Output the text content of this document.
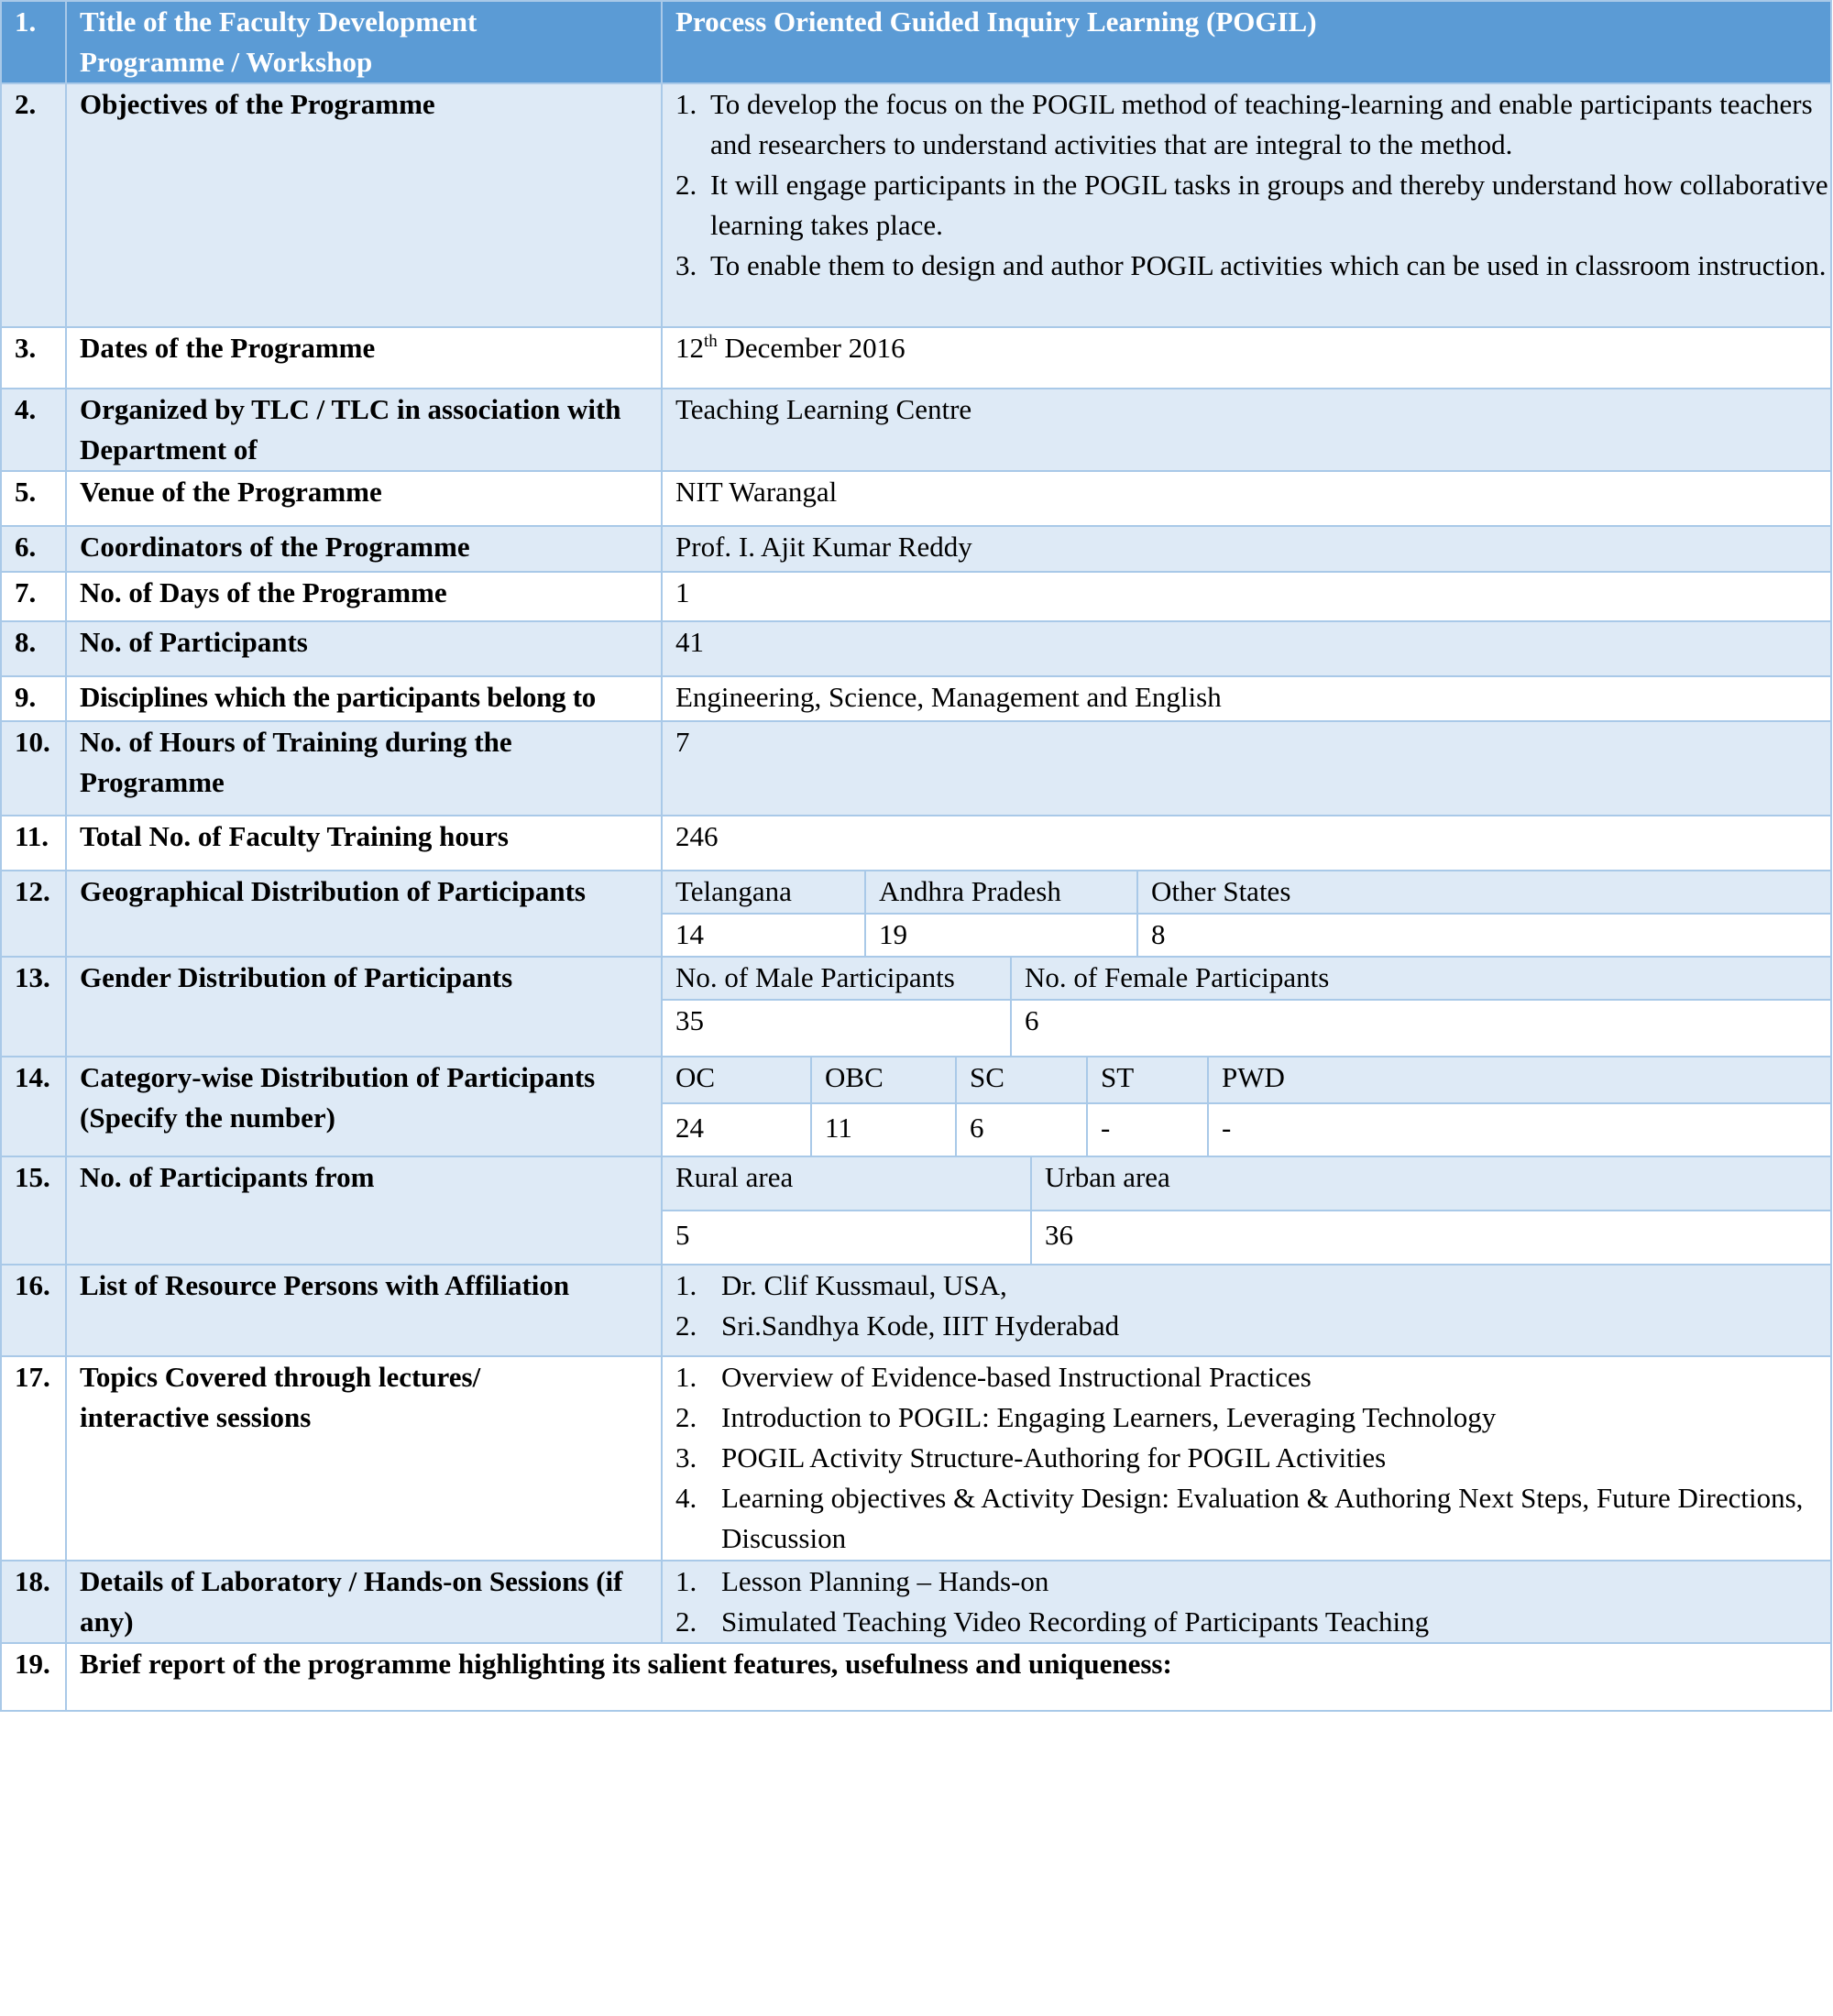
1.	Title of the Faculty Development
Programme / Workshop
	Process Oriented Guided Inquiry Learning (POGIL)
2.	Objectives of the Programme	1. To develop the focus on the POGIL method of teaching-learning and enable participants teachers and researchers to understand activities that are integral to the method.
2. It will engage participants in the POGIL tasks in groups and thereby understand how collaborative learning takes place.
3. To enable them to design and author POGIL activities which can be used in classroom instruction.

3.	Dates of the Programme	12th December 2016
4.	Organized by TLC / TLC in association with Department of	Teaching Learning Centre
5.	Venue of the Programme	NIT Warangal
6.	Coordinators of the Programme	Prof. I. Ajit Kumar Reddy
7.	No. of Days of the Programme	1
8.	No. of Participants	41
9.	Disciplines which the participants belong to	Engineering, Science, Management and English
10.	No. of Hours of Training during the Programme	7
11.	Total No. of Faculty Training hours	246
12.	Geographical Distribution of Participants		Telangana	Andhra Pradesh	Other States
14	19	8

13.	Gender Distribution of Participants		No. of Male Participants	No. of Female Participants
35	6

14.	Category-wise Distribution of Participants (Specify the number)	
OC	OBC	SC	ST	PWD
24	11	6	-	-

15.	No. of Participants from		Rural area	Urban area
5	36

16.	List of Resource Persons with Affiliation	1. Dr. Clif Kussmaul, USA,
2. Sri.Sandhya Kode, IIIT Hyderabad

17.	Topics Covered through lectures/ interactive sessions	
1. Overview of Evidence-based Instructional Practices
2. Introduction to POGIL: Engaging Learners, Leveraging Technology
3. POGIL Activity Structure-Authoring for POGIL Activities
4. Learning objectives & Activity Design: Evaluation & Authoring Next Steps, Future Directions, Discussion

18.	Details of Laboratory / Hands-on Sessions (if any)	
1. Lesson Planning – Hands-on
2. Simulated Teaching Video Recording of Participants Teaching

19.	Brief report of the programme highlighting its salient features, usefulness and uniqueness:
